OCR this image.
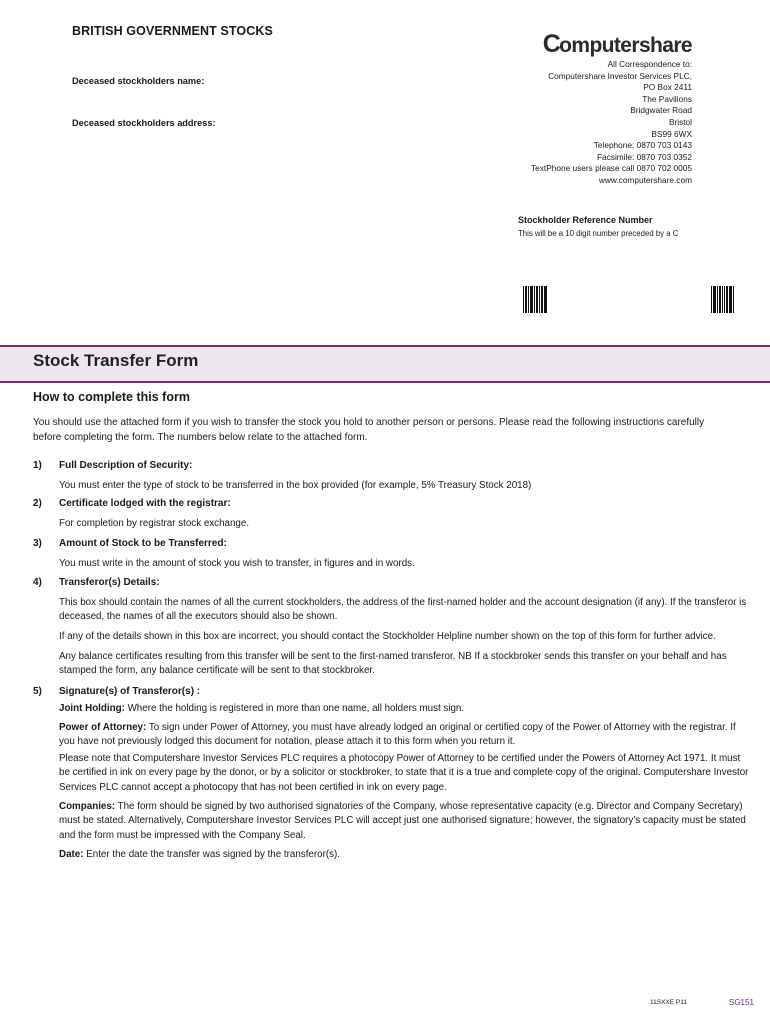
BRITISH GOVERNMENT STOCKS
Deceased stockholders name:
Deceased stockholders address:
Computershare
All Correspondence to:
Computershare Investor Services PLC,
PO Box 2411
The Pavilions
Bridgwater Road
Bristol
BS99 6WX
Telephone: 0870 703 0143
Facsimile: 0870 703 0352
TextPhone users please call 0870 702 0005
www.computershare.com
Stockholder Reference Number
This will be a 10 digit number preceded by a C
Stock Transfer Form
How to complete this form
You should use the attached form if you wish to transfer the stock you hold to another person or persons. Please read the following instructions carefully before completing the form. The numbers below relate to the attached form.
1) Full Description of Security:
You must enter the type of stock to be transferred in the box provided (for example, 5% Treasury Stock 2018)
2) Certificate lodged with the registrar:
For completion by registrar stock exchange.
3) Amount of Stock to be Transferred:
You must write in the amount of stock you wish to transfer, in figures and in words.
4) Transferor(s) Details:
This box should contain the names of all the current stockholders, the address of the first-named holder and the account designation (if any). If the transferor is deceased, the names of all the executors should also be shown.
If any of the details shown in this box are incorrect, you should contact the Stockholder Helpline number shown on the top of this form for further advice.
Any balance certificates resulting from this transfer will be sent to the first-named transferor. NB If a stockbroker sends this transfer on your behalf and has stamped the form, any balance certificate will be sent to that stockbroker.
5) Signature(s) of Transferor(s) :
Joint Holding: Where the holding is registered in more than one name, all holders must sign.
Power of Attorney: To sign under Power of Attorney, you must have already lodged an original or certified copy of the Power of Attorney with the registrar. If you have not previously lodged this document for notation, please attach it to this form when you return it.
Please note that Computershare Investor Services PLC requires a photocopy Power of Attorney to be certified under the Powers of Attorney Act 1971. It must be certified in ink on every page by the donor, or by a solicitor or stockbroker, to state that it is a true and complete copy of the original. Computershare Investor Services PLC cannot accept a photocopy that has not been certified in ink on every page.
Companies: The form should be signed by two authorised signatories of the Company, whose representative capacity (e.g. Director and Company Secretary) must be stated. Alternatively, Computershare Investor Services PLC will accept just one authorised signature; however, the signatory’s capacity must be stated and the form must be impressed with the Company Seal.
Date: Enter the date the transfer was signed by the transferor(s).
11SXXE P11	SG151
